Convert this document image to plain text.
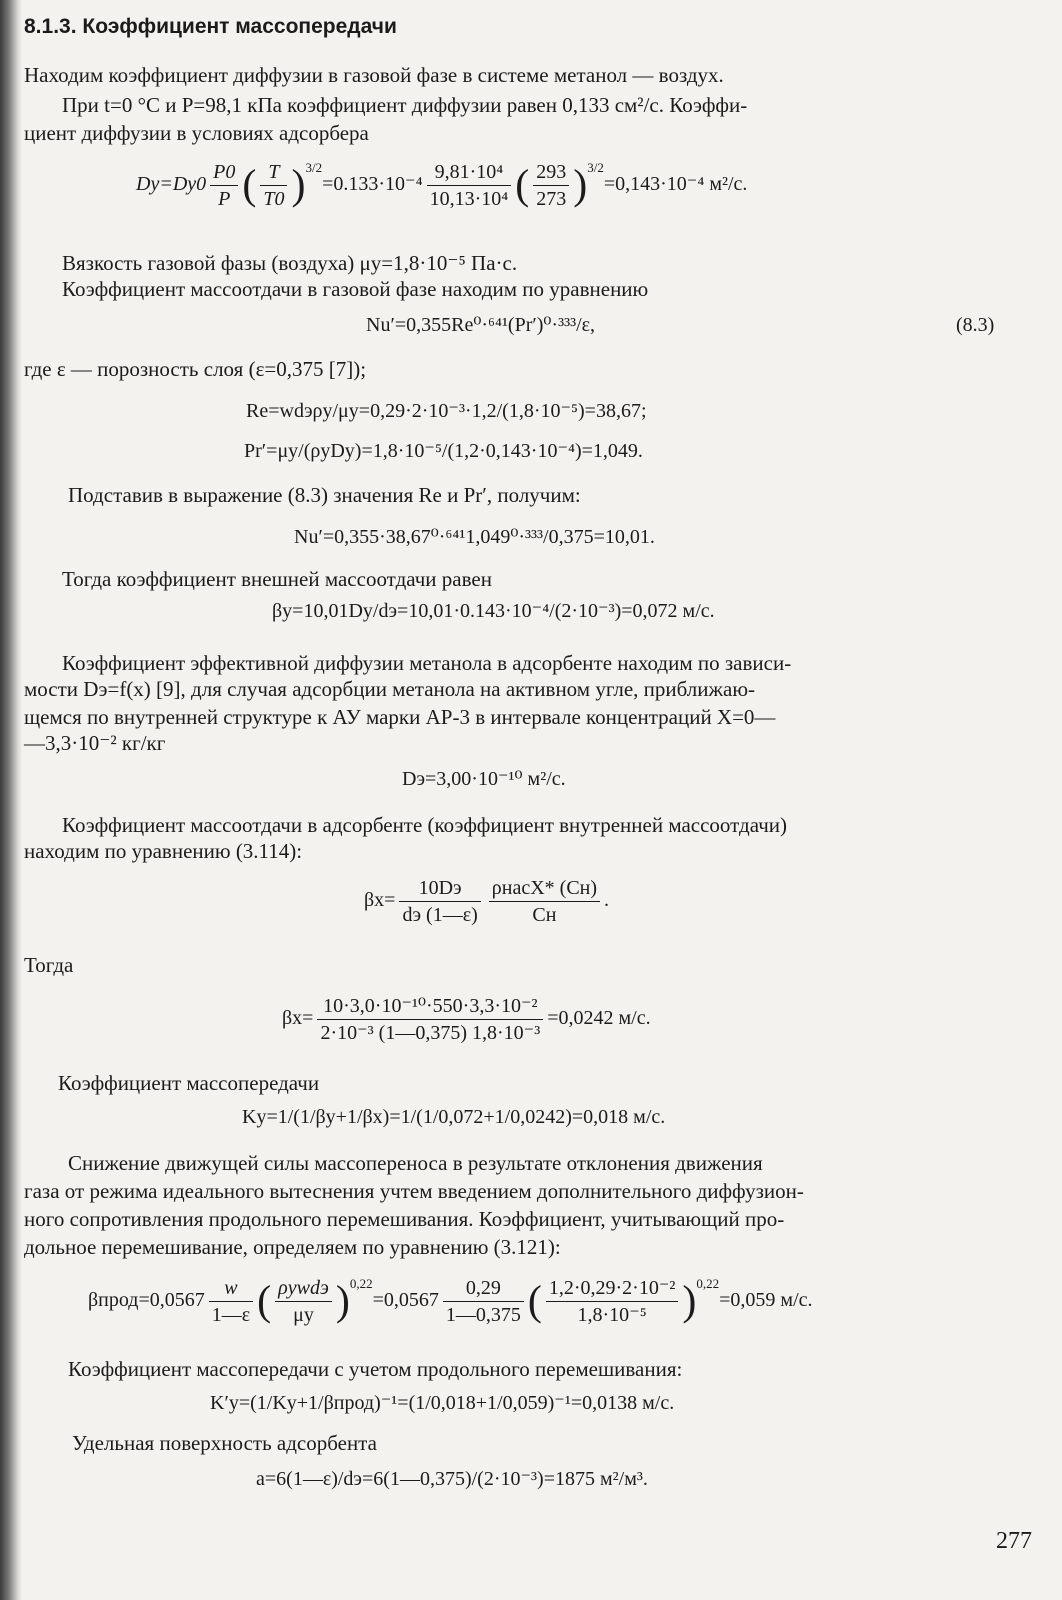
8.1.3. Коэффициент массопередачи
Находим коэффициент диффузии в газовой фазе в системе метанол — воздух.
При t=0 °C и P=98,1 кПа коэффициент диффузии равен 0,133 см²/с. Коэффи-
циент диффузии в условиях адсорбера
$Dy=Dy0 \frac{P0}{P}$ ( $\frac{T}{T0} )^{3/2}=0.133\cdot 10^{-4} \frac{\text{9,81·10⁴}}{\text{10,13·10⁴}}$ ( $\frac{293}{273} )^{3/2}=0,143\cdot 10^{-4}$ м²/с.
Вязкость газовой фазы (воздуха) μy=1,8·10⁻⁵ Па·с.
Коэффициент массоотдачи в газовой фазе находим по уравнению
Nu′=0,355Re⁰·⁶⁴¹(Pr′)⁰·³³³/ε,	(8.3)
где ε — порозность слоя (ε=0,375 [7]);
Re=wdэρy/μy=0,29·2·10⁻³·1,2/(1,8·10⁻⁵)=38,67;
Pr′=μy/(ρyDy)=1,8·10⁻⁵/(1,2·0,143·10⁻⁴)=1,049.
Подставив в выражение (8.3) значения Re и Pr′, получим:
Nu′=0,355·38,67⁰·⁶⁴¹1,049⁰·³³³/0,375=10,01.
Тогда коэффициент внешней массоотдачи равен
βy=10,01Dy/dэ=10,01·0.143·10⁻⁴/(2·10⁻³)=0,072 м/с.
Коэффициент эффективной диффузии метанола в адсорбенте находим по зависи-
мости Dэ=f(x) [9], для случая адсорбции метанола на активном угле, приближаю-
щемся по внутренней структуре к АУ марки АР-3 в интервале концентраций X=0—
—3,3·10⁻² кг/кг
Dэ=3,00·10⁻¹⁰ м²/с.
Коэффициент массоотдачи в адсорбенте (коэффициент внутренней массоотдачи)
находим по уравнению (3.114):
$\beta x= \frac{10Dэ}{dэ (1—\varepsilon)} \frac{\text{ρнасX* (Cн)}}{Cн}$ .
Тогда
$\beta x= \frac{\text{10·3,0·10⁻¹⁰·550·3,3·10⁻²}}{\text{2·10⁻³ (1—0,375) 1,8·10⁻³}} =0,0242$ м/с.
Коэффициент массопередачи
Ky=1/(1/βy+1/βx)=1/(1/0,072+1/0,0242)=0,018 м/с.
Снижение движущей силы массопереноса в результате отклонения движения
газа от режима идеального вытеснения учтем введением дополнительного диффузион-
ного сопротивления продольного перемешивания. Коэффициент, учитывающий про-
дольное перемешивание, определяем по уравнению (3.121):
βпрод=0,0567 $\frac{w}{1—\varepsilon}$ ( $\frac{\text{ρywdэ}}{\mu y} )^{0,22}=0,0567 \frac{0,29}{1—0,375}$ ( $\frac{\text{1,2·0,29·2·10⁻²}}{\text{1,8·10⁻⁵}} )^{0,22}=0,059$ м/с.
Коэффициент массопередачи с учетом продольного перемешивания:
K′y=(1/Ky+1/βпрод)⁻¹=(1/0,018+1/0,059)⁻¹=0,0138 м/с.
Удельная поверхность адсорбента
a=6(1—ε)/dэ=6(1—0,375)/(2·10⁻³)=1875 м²/м³.
277
